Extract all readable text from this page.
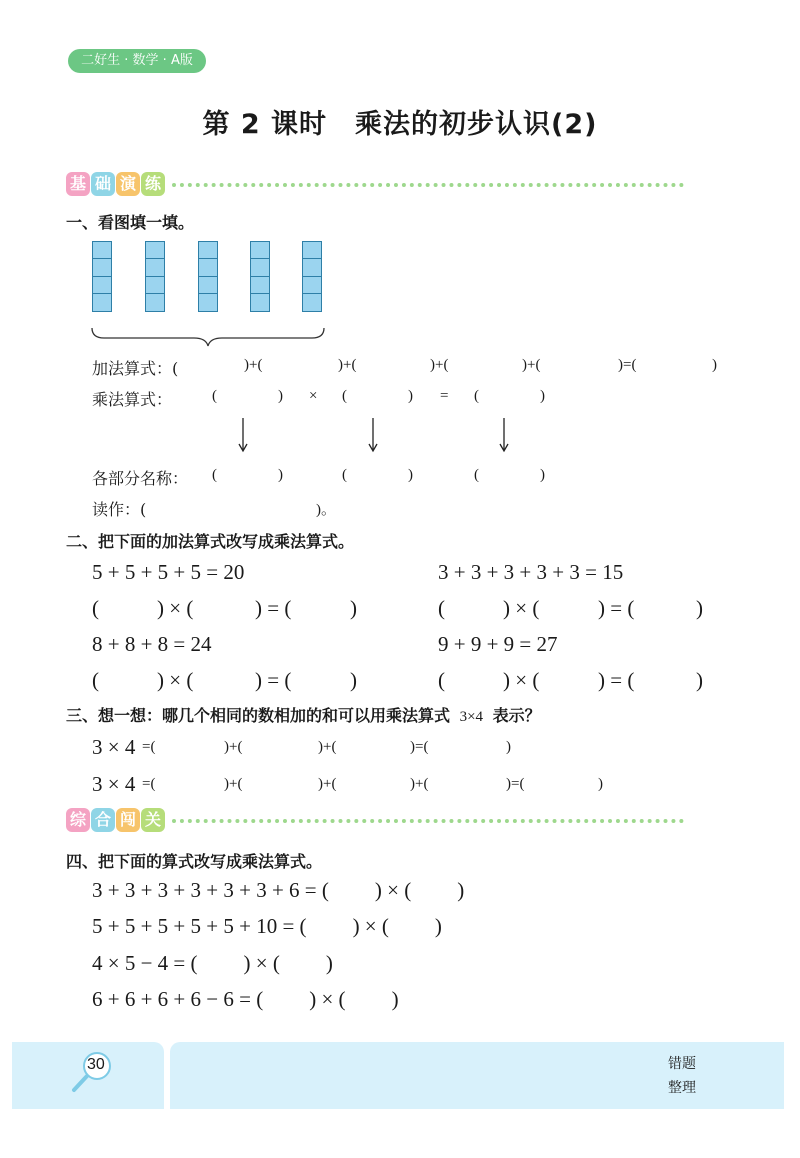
二好生 · 数学 · A版
第 2 课时　乘法的初步认识(2)
基 础 演 练
一、看图填一填。
加法算式：(	)+(	)+(	)+(	)+(	)=(	)
乘法算式：	(	) × (	) = (	)
各部分名称： (	)	(	)	(	)
读作：(	)。
二、把下面的加法算式改写成乘法算式。
5 + 5 + 5 + 5 = 20	3 + 3 + 3 + 3 + 3 = 15
(	) × (	) = (	)	(	) × (	) = (	)
8 + 8 + 8 = 24	9 + 9 + 9 = 27
(	) × (	) = (	)	(	) × (	) = (	)
三、想一想：哪几个相同的数相加的和可以用乘法算式 3×4 表示？
3 × 4 =(	)+(	)+(	)=(	)
3 × 4 =(	)+(	)+(	)+(	)=(	)
综 合 闯 关
四、把下面的算式改写成乘法算式。
3 + 3 + 3 + 3 + 3 + 3 + 6 = ( ) × ( )
5 + 5 + 5 + 5 + 5 + 10 = ( ) × ( )
4 × 5 − 4 = ( ) × ( )
6 + 6 + 6 + 6 − 6 = ( ) × ( )
30	错题
整理
